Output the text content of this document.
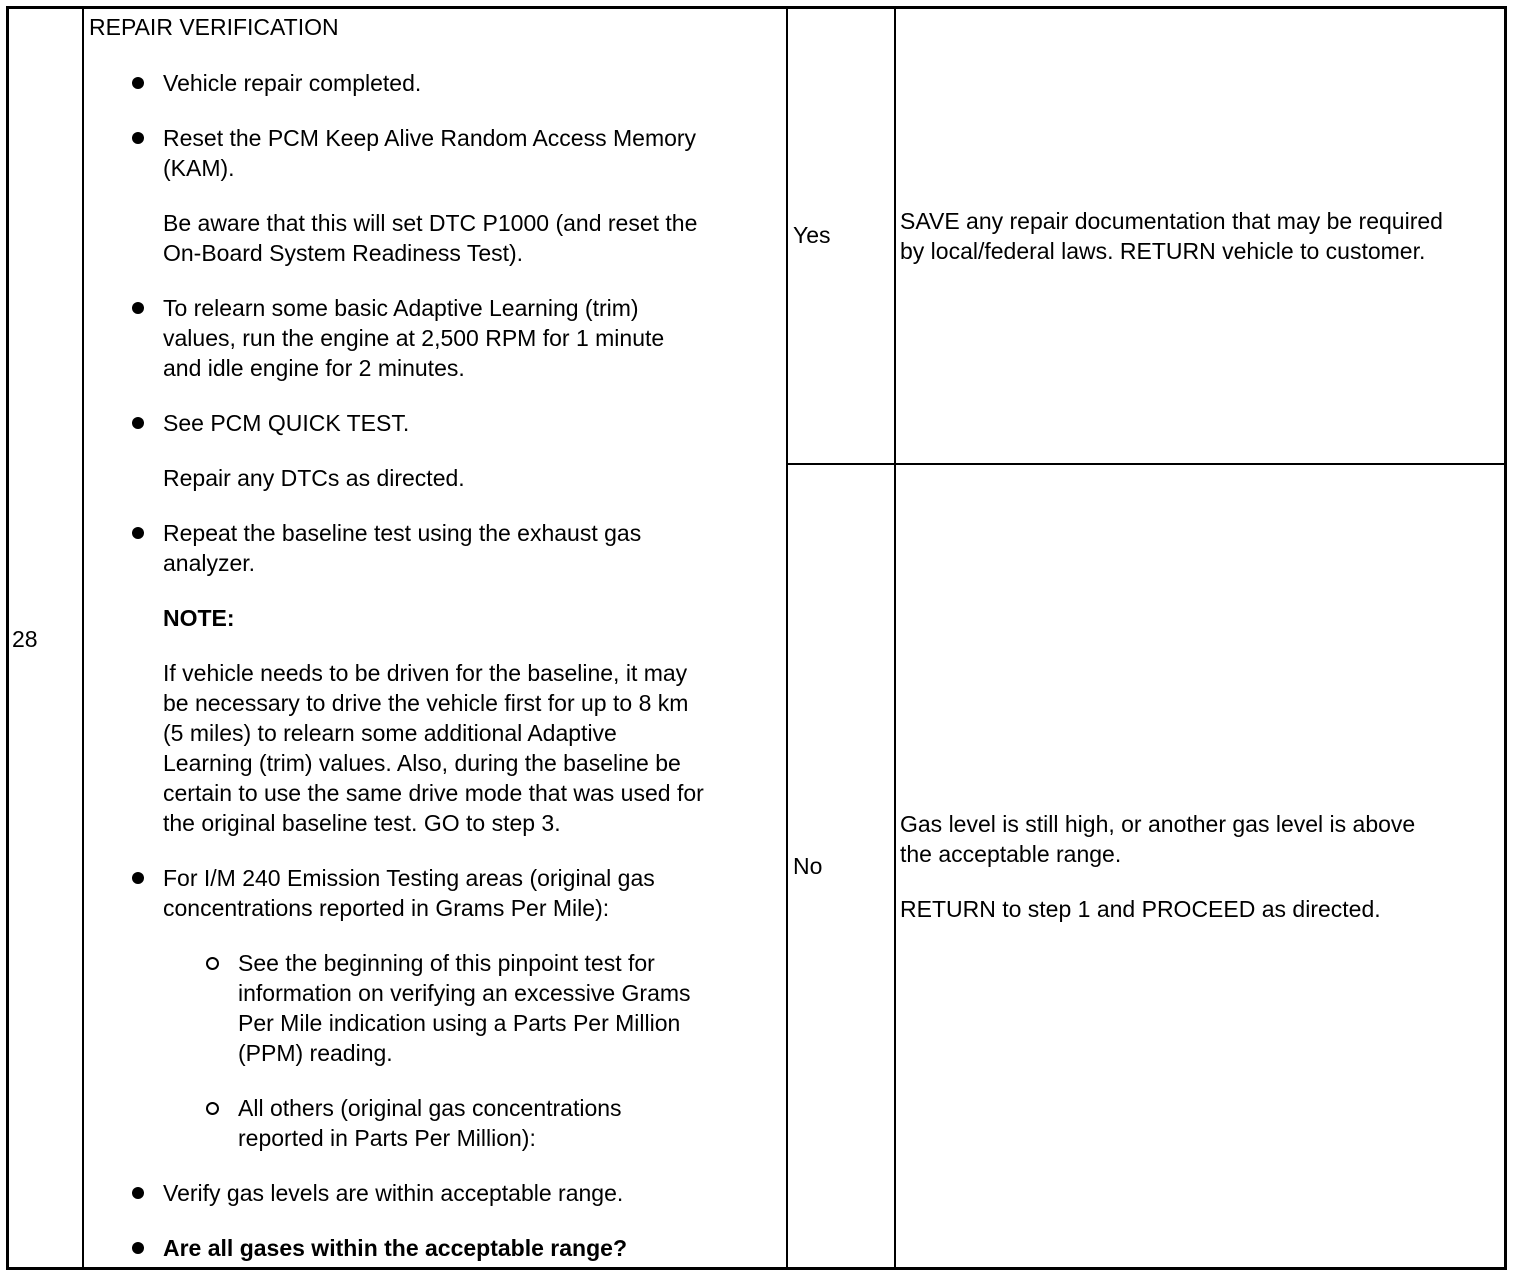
28
REPAIR VERIFICATION
Vehicle repair completed.
Reset the PCM Keep Alive Random Access Memory
(KAM).
Be aware that this will set DTC P1000 (and reset the
On-Board System Readiness Test).
To relearn some basic Adaptive Learning (trim)
values, run the engine at 2,500 RPM for 1 minute
and idle engine for 2 minutes.
See PCM QUICK TEST.
Repair any DTCs as directed.
Repeat the baseline test using the exhaust gas
analyzer.
NOTE:
If vehicle needs to be driven for the baseline, it may
be necessary to drive the vehicle first for up to 8 km
(5 miles) to relearn some additional Adaptive
Learning (trim) values. Also, during the baseline be
certain to use the same drive mode that was used for
the original baseline test. GO to step 3.
For I/M 240 Emission Testing areas (original gas
concentrations reported in Grams Per Mile):
See the beginning of this pinpoint test for
information on verifying an excessive Grams
Per Mile indication using a Parts Per Million
(PPM) reading.
All others (original gas concentrations
reported in Parts Per Million):
Verify gas levels are within acceptable range.
Are all gases within the acceptable range?
Yes
SAVE any repair documentation that may be required
by local/federal laws. RETURN vehicle to customer.
No
Gas level is still high, or another gas level is above
the acceptable range.
RETURN to step 1 and PROCEED as directed.
